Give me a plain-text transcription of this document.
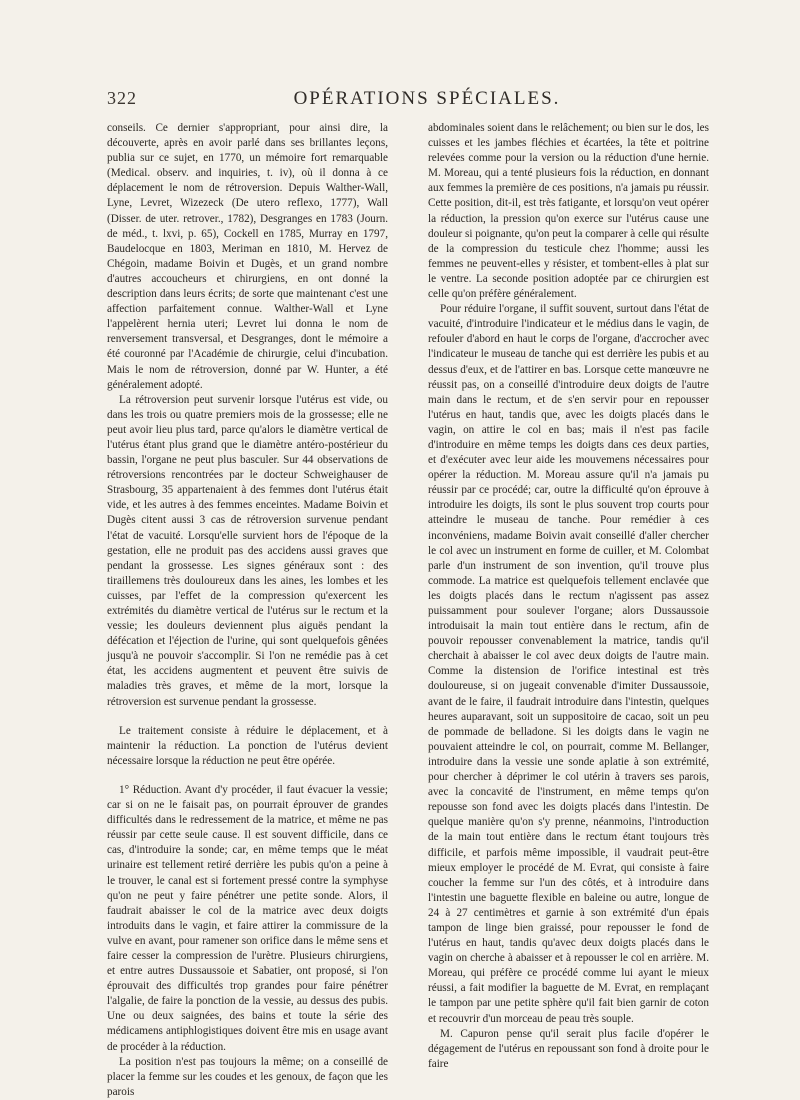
322	OPÉRATIONS SPÉCIALES.

conseils. Ce dernier s'appropriant, pour ainsi dire, la découverte, après en avoir parlé dans ses brillantes leçons, publia sur ce sujet, en 1770, un mémoire fort remarquable (Medical. observ. and inquiries, t. iv), où il donna à ce déplacement le nom de rétroversion. Depuis Walther-Wall, Lyne, Levret, Wizezeck (De utero reflexo, 1777), Wall (Disser. de uter. retrover., 1782), Desgranges en 1783 (Journ. de méd., t. lxvi, p. 65), Cockell en 1785, Murray en 1797, Baudelocque en 1803, Meriman en 1810, M. Hervez de Chégoin, madame Boivin et Dugès, et un grand nombre d'autres accoucheurs et chirurgiens, en ont donné la description dans leurs écrits; de sorte que maintenant c'est une affection parfaitement connue. Walther-Wall et Lyne l'appelèrent hernia uteri; Levret lui donna le nom de renversement transversal, et Desgranges, dont le mémoire a été couronné par l'Académie de chirurgie, celui d'incubation. Mais le nom de rétroversion, donné par W. Hunter, a été généralement adopté.

La rétroversion peut survenir lorsque l'utérus est vide, ou dans les trois ou quatre premiers mois de la grossesse; elle ne peut avoir lieu plus tard, parce qu'alors le diamètre vertical de l'utérus étant plus grand que le diamètre antéro-postérieur du bassin, l'organe ne peut plus basculer. Sur 44 observations de rétroversions rencontrées par le docteur Schweighauser de Strasbourg, 35 appartenaient à des femmes dont l'utérus était vide, et les autres à des femmes enceintes. Madame Boivin et Dugès citent aussi 3 cas de rétroversion survenue pendant l'état de vacuité. Lorsqu'elle survient hors de l'époque de la gestation, elle ne produit pas des accidens aussi graves que pendant la grossesse. Les signes généraux sont : des tiraillemens très douloureux dans les aines, les lombes et les cuisses, par l'effet de la compression qu'exercent les extrémités du diamètre vertical de l'utérus sur le rectum et la vessie; les douleurs deviennent plus aiguës pendant la défécation et l'éjection de l'urine, qui sont quelquefois gênées jusqu'à ne pouvoir s'accomplir. Si l'on ne remédie pas à cet état, les accidens augmentent et peuvent être suivis de maladies très graves, et même de la mort, lorsque la rétroversion est survenue pendant la grossesse.

Le traitement consiste à réduire le déplacement, et à maintenir la réduction. La ponction de l'utérus devient nécessaire lorsque la réduction ne peut être opérée.

1° Réduction. Avant d'y procéder, il faut évacuer la vessie; car si on ne le faisait pas, on pourrait éprouver de grandes difficultés dans le redressement de la matrice, et même ne pas réussir par cette seule cause. Il est souvent difficile, dans ce cas, d'introduire la sonde; car, en même temps que le méat urinaire est tellement retiré derrière les pubis qu'on a peine à le trouver, le canal est si fortement pressé contre la symphyse qu'on ne peut y faire pénétrer une petite sonde. Alors, il faudrait abaisser le col de la matrice avec deux doigts introduits dans le vagin, et faire attirer la commissure de la vulve en avant, pour ramener son orifice dans le même sens et faire cesser la compression de l'urètre. Plusieurs chirurgiens, et entre autres Dussaussoie et Sabatier, ont proposé, si l'on éprouvait des difficultés trop grandes pour faire pénétrer l'algalie, de faire la ponction de la vessie, au dessus des pubis. Une ou deux saignées, des bains et toute la série des médicamens antiphlogistiques doivent être mis en usage avant de procéder à la réduction.

La position n'est pas toujours la même; on a conseillé de placer la femme sur les coudes et les genoux, de façon que les parois

abdominales soient dans le relâchement; ou bien sur le dos, les cuisses et les jambes fléchies et écartées, la tête et poitrine relevées comme pour la version ou la réduction d'une hernie. M. Moreau, qui a tenté plusieurs fois la réduction, en donnant aux femmes la première de ces positions, n'a jamais pu réussir. Cette position, dit-il, est très fatigante, et lorsqu'on veut opérer la réduction, la pression qu'on exerce sur l'utérus cause une douleur si poignante, qu'on peut la comparer à celle qui résulte de la compression du testicule chez l'homme; aussi les femmes ne peuvent-elles y résister, et tombent-elles à plat sur le ventre. La seconde position adoptée par ce chirurgien est celle qu'on préfère généralement.

Pour réduire l'organe, il suffit souvent, surtout dans l'état de vacuité, d'introduire l'indicateur et le médius dans le vagin, de refouler d'abord en haut le corps de l'organe, d'accrocher avec l'indicateur le museau de tanche qui est derrière les pubis et au dessus d'eux, et de l'attirer en bas. Lorsque cette manœuvre ne réussit pas, on a conseillé d'introduire deux doigts de l'autre main dans le rectum, et de s'en servir pour en repousser l'utérus en haut, tandis que, avec les doigts placés dans le vagin, on attire le col en bas; mais il n'est pas facile d'introduire en même temps les doigts dans ces deux parties, et d'exécuter avec leur aide les mouvemens nécessaires pour opérer la réduction. M. Moreau assure qu'il n'a jamais pu réussir par ce procédé; car, outre la difficulté qu'on éprouve à introduire les doigts, ils sont le plus souvent trop courts pour atteindre le museau de tanche. Pour remédier à ces inconvéniens, madame Boivin avait conseillé d'aller chercher le col avec un instrument en forme de cuiller, et M. Colombat parle d'un instrument de son invention, qu'il trouve plus commode. La matrice est quelquefois tellement enclavée que les doigts placés dans le rectum n'agissent pas assez puissamment pour soulever l'organe; alors Dussaussoie introduisait la main tout entière dans le rectum, afin de pouvoir repousser convenablement la matrice, tandis qu'il cherchait à abaisser le col avec deux doigts de l'autre main. Comme la distension de l'orifice intestinal est très douloureuse, si on jugeait convenable d'imiter Dussaussoie, avant de le faire, il faudrait introduire dans l'intestin, quelques heures auparavant, soit un suppositoire de cacao, soit un peu de pommade de belladone. Si les doigts dans le vagin ne pouvaient atteindre le col, on pourrait, comme M. Bellanger, introduire dans la vessie une sonde aplatie à son extrémité, pour chercher à déprimer le col utérin à travers ses parois, avec la concavité de l'instrument, en même temps qu'on repousse son fond avec les doigts placés dans l'intestin. De quelque manière qu'on s'y prenne, néanmoins, l'introduction de la main tout entière dans le rectum étant toujours très difficile, et parfois même impossible, il vaudrait peut-être mieux employer le procédé de M. Evrat, qui consiste à faire coucher la femme sur l'un des côtés, et à introduire dans l'intestin une baguette flexible en baleine ou autre, longue de 24 à 27 centimètres et garnie à son extrémité d'un épais tampon de linge bien graissé, pour repousser le fond de l'utérus en haut, tandis qu'avec deux doigts placés dans le vagin on cherche à abaisser et à repousser le col en arrière. M. Moreau, qui préfère ce procédé comme lui ayant le mieux réussi, a fait modifier la baguette de M. Evrat, en remplaçant le tampon par une petite sphère qu'il fait bien garnir de coton et recouvrir d'un morceau de peau très souple.

M. Capuron pense qu'il serait plus facile d'opérer le dégagement de l'utérus en repoussant son fond à droite pour le faire
